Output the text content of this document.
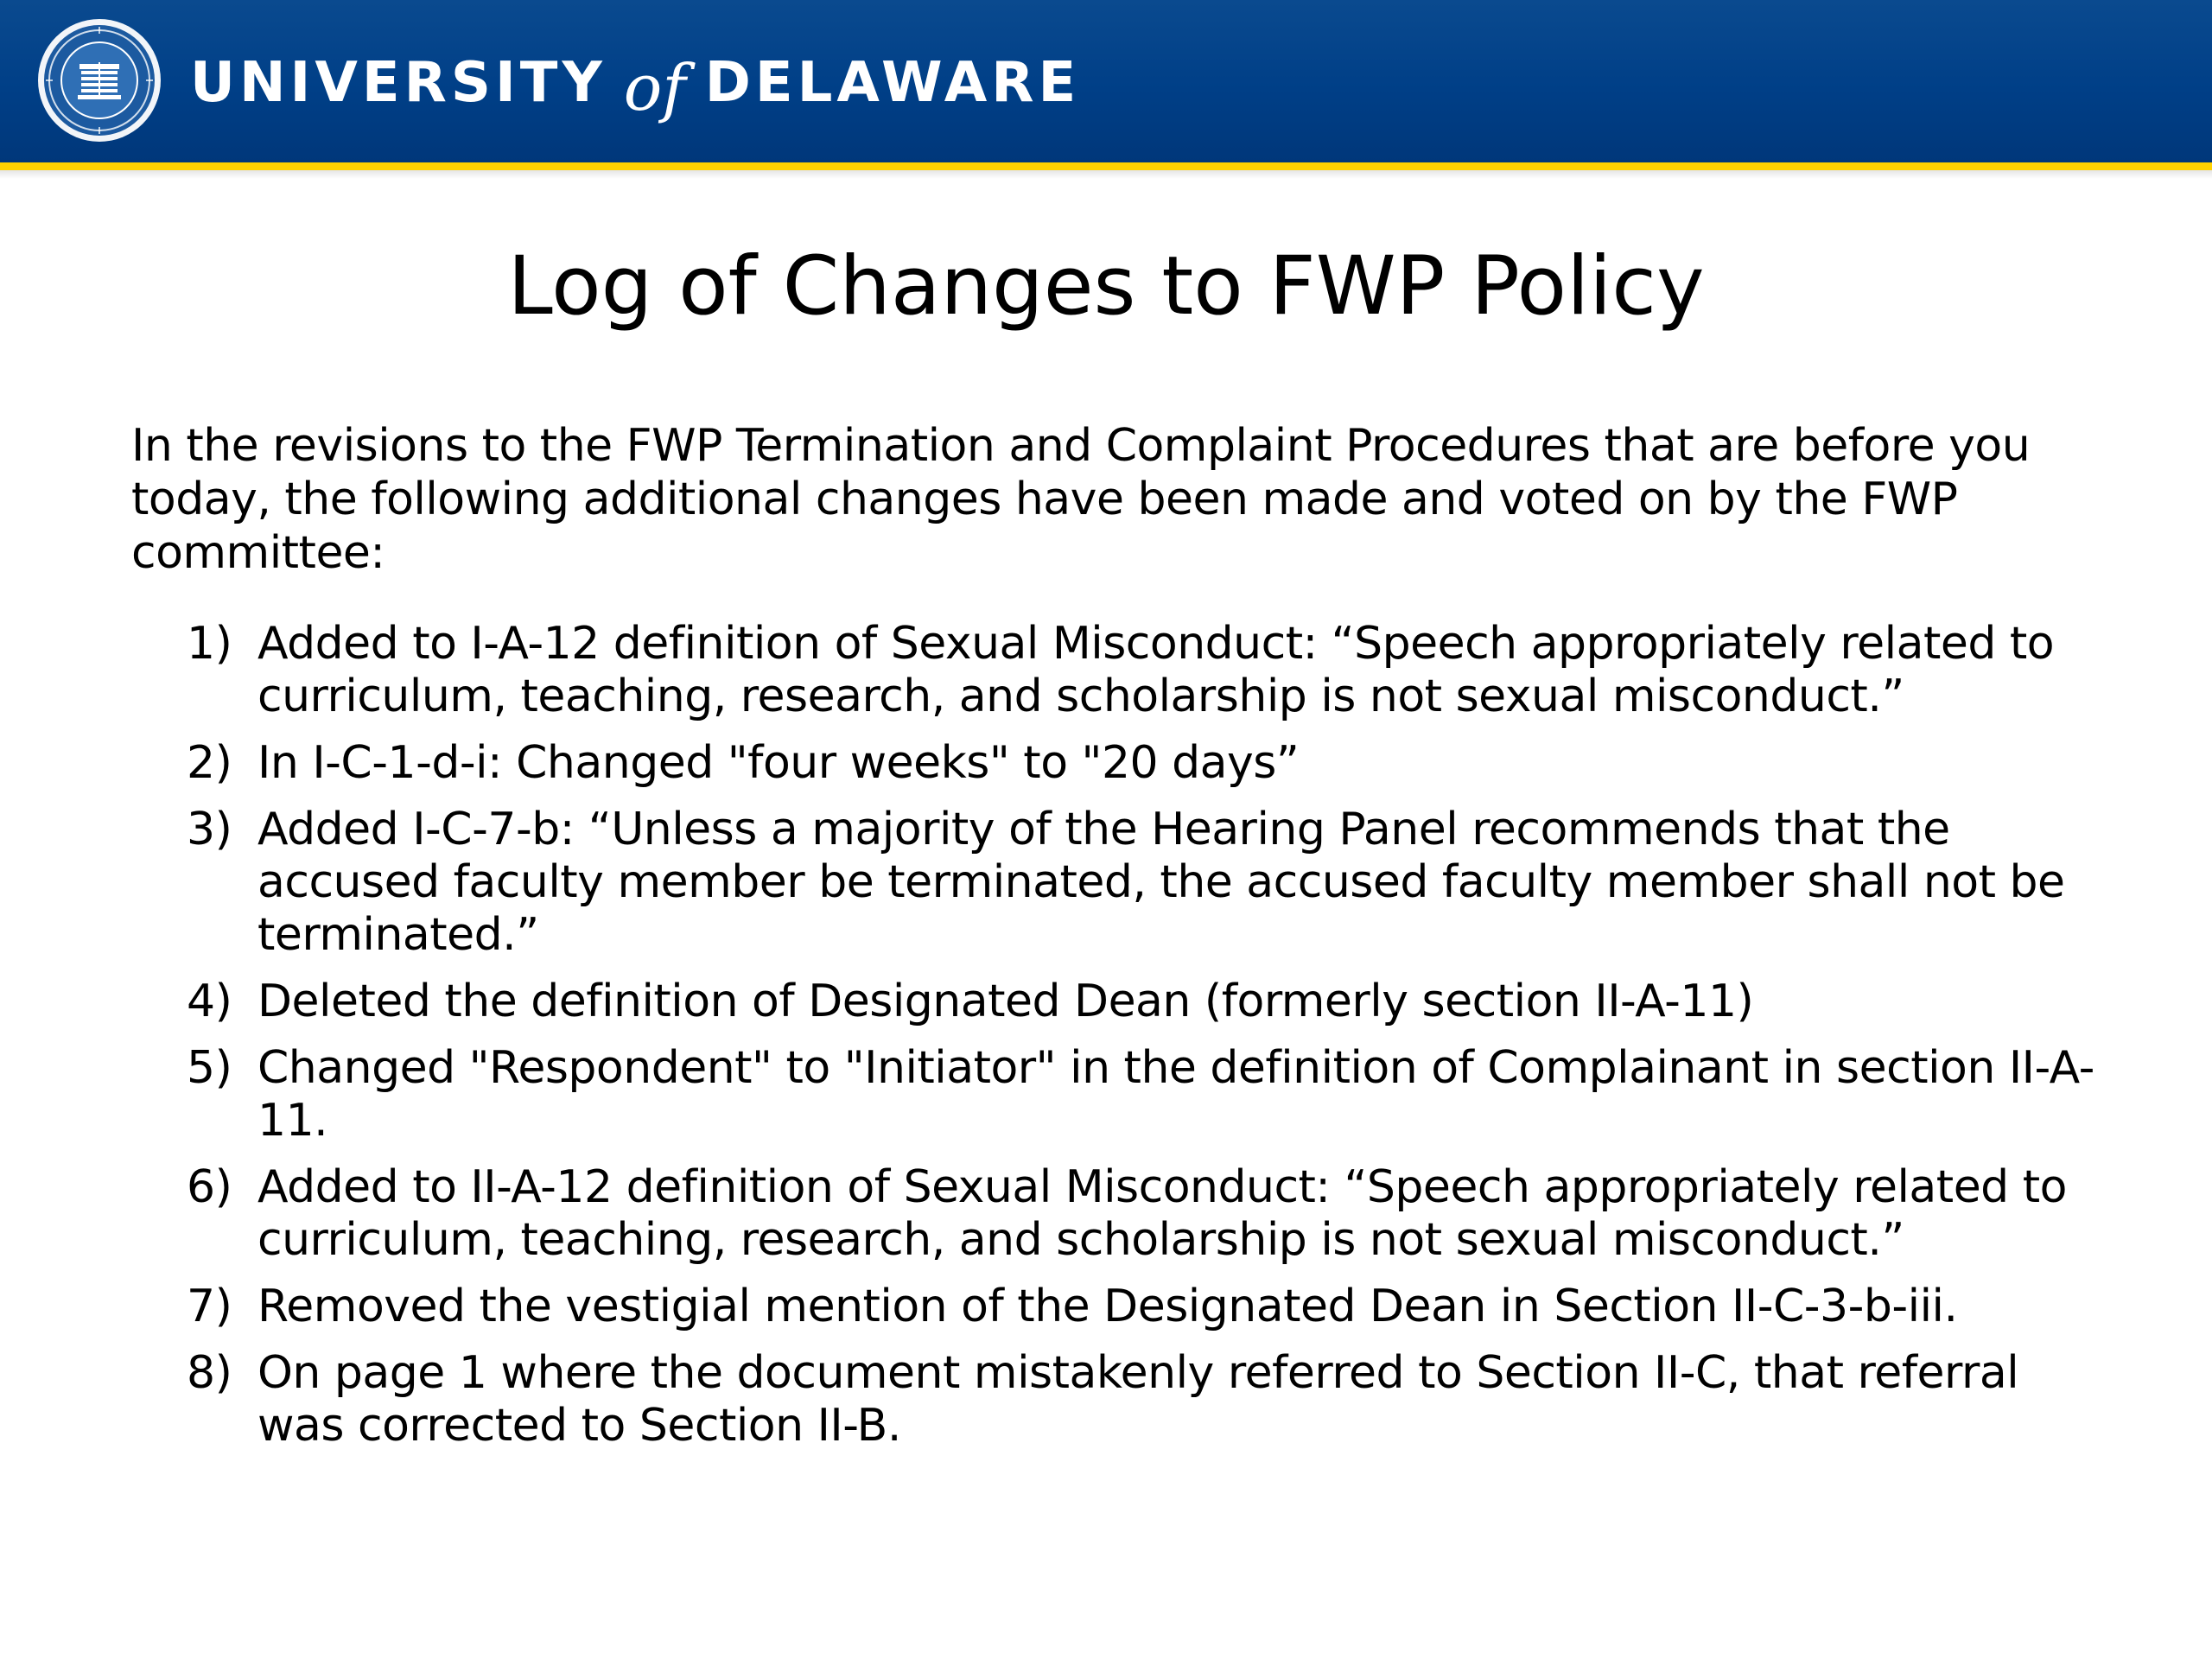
UNIVERSITY of DELAWARE
Log of Changes to FWP Policy

In the revisions to the FWP Termination and Complaint Procedures that are before you today, the following additional changes have been made and voted on by the FWP committee:

1) Added to I-A-12 definition of Sexual Misconduct: “Speech appropriately related to curriculum, teaching, research, and scholarship is not sexual misconduct.”
2) In I-C-1-d-i: Changed "four weeks" to "20 days”
3) Added I-C-7-b: “Unless a majority of the Hearing Panel recommends that the accused faculty member be terminated, the accused faculty member shall not be terminated.”
4) Deleted the definition of Designated Dean (formerly section II-A-11)
5) Changed "Respondent" to "Initiator" in the definition of Complainant in section II-A-11.
6) Added to II-A-12 definition of Sexual Misconduct: “Speech appropriately related to curriculum, teaching, research, and scholarship is not sexual misconduct.”
7) Removed the vestigial mention of the Designated Dean in Section II-C-3-b-iii.
8) On page 1 where the document mistakenly referred to Section II-C, that referral was corrected to Section II-B.
